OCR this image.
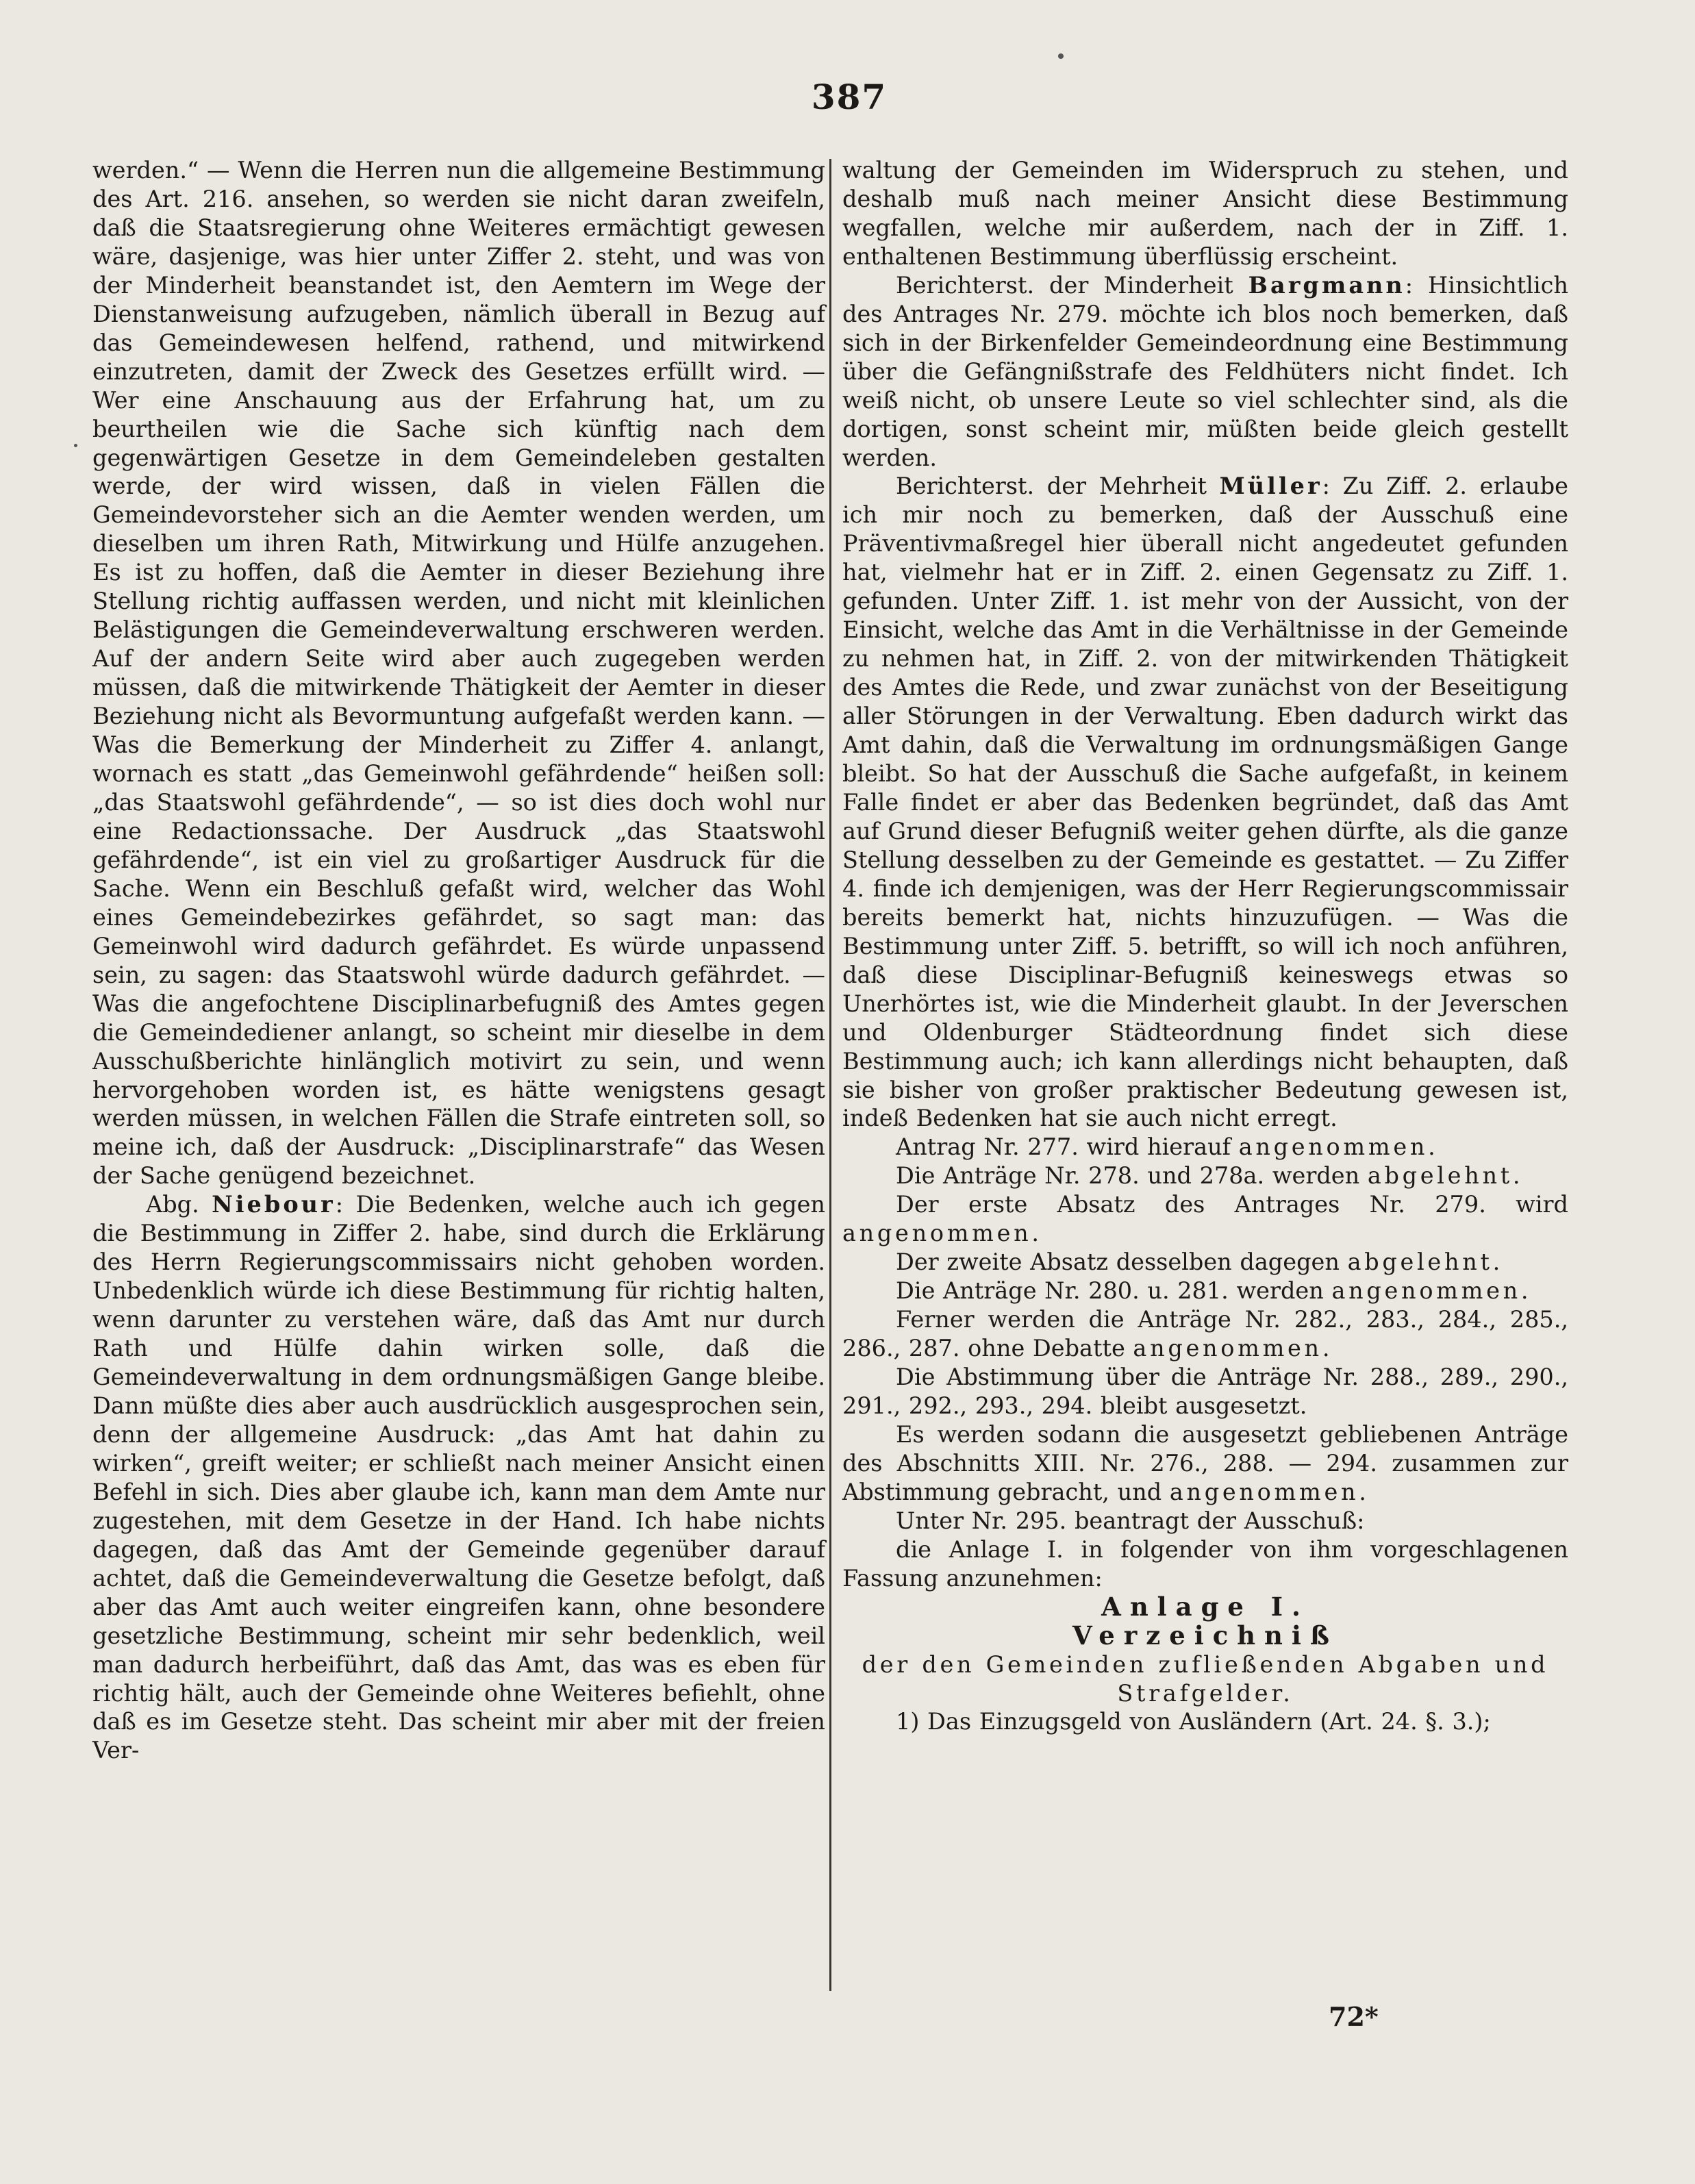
387

werden.“ — Wenn die Herren nun die allgemeine Bestimmung des Art. 216. ansehen, so werden sie nicht daran zweifeln, daß die Staatsregierung ohne Weiteres ermächtigt gewesen wäre, dasjenige, was hier unter Ziffer 2. steht, und was von der Minderheit beanstandet ist, den Aemtern im Wege der Dienstanweisung aufzugeben, nämlich überall in Bezug auf das Gemeindewesen helfend, rathend, und mitwirkend einzutreten, damit der Zweck des Gesetzes erfüllt wird. — Wer eine Anschauung aus der Erfahrung hat, um zu beurtheilen wie die Sache sich künftig nach dem gegenwärtigen Gesetze in dem Gemeindeleben gestalten werde, der wird wissen, daß in vielen Fällen die Gemeindevorsteher sich an die Aemter wenden werden, um dieselben um ihren Rath, Mitwirkung und Hülfe anzugehen. Es ist zu hoffen, daß die Aemter in dieser Beziehung ihre Stellung richtig auffassen werden, und nicht mit kleinlichen Belästigungen die Gemeindeverwaltung erschweren werden. Auf der andern Seite wird aber auch zugegeben werden müssen, daß die mitwirkende Thätigkeit der Aemter in dieser Beziehung nicht als Bevormuntung aufgefaßt werden kann. — Was die Bemerkung der Minderheit zu Ziffer 4. anlangt, wornach es statt „das Gemeinwohl gefährdende“ heißen soll: „das Staatswohl gefährdende“, — so ist dies doch wohl nur eine Redactionssache. Der Ausdruck „das Staatswohl gefährdende“, ist ein viel zu großartiger Ausdruck für die Sache. Wenn ein Beschluß gefaßt wird, welcher das Wohl eines Gemeindebezirkes gefährdet, so sagt man: das Gemeinwohl wird dadurch gefährdet. Es würde unpassend sein, zu sagen: das Staatswohl würde dadurch gefährdet. — Was die angefochtene Disciplinarbefugniß des Amtes gegen die Gemeindediener anlangt, so scheint mir dieselbe in dem Ausschußberichte hinlänglich motivirt zu sein, und wenn hervorgehoben worden ist, es hätte wenigstens gesagt werden müssen, in welchen Fällen die Strafe eintreten soll, so meine ich, daß der Ausdruck: „Disciplinarstrafe“ das Wesen der Sache genügend bezeichnet.

Abg. Niebour: Die Bedenken, welche auch ich gegen die Bestimmung in Ziffer 2. habe, sind durch die Erklärung des Herrn Regierungscommissairs nicht gehoben worden. Unbedenklich würde ich diese Bestimmung für richtig halten, wenn darunter zu verstehen wäre, daß das Amt nur durch Rath und Hülfe dahin wirken solle, daß die Gemeindeverwaltung in dem ordnungsmäßigen Gange bleibe. Dann müßte dies aber auch ausdrücklich ausgesprochen sein, denn der allgemeine Ausdruck: „das Amt hat dahin zu wirken“, greift weiter; er schließt nach meiner Ansicht einen Befehl in sich. Dies aber glaube ich, kann man dem Amte nur zugestehen, mit dem Gesetze in der Hand. Ich habe nichts dagegen, daß das Amt der Gemeinde gegenüber darauf achtet, daß die Gemeindeverwaltung die Gesetze befolgt, daß aber das Amt auch weiter eingreifen kann, ohne besondere gesetzliche Bestimmung, scheint mir sehr bedenklich, weil man dadurch herbeiführt, daß das Amt, das was es eben für richtig hält, auch der Gemeinde ohne Weiteres befiehlt, ohne daß es im Gesetze steht. Das scheint mir aber mit der freien Ver-

waltung der Gemeinden im Widerspruch zu stehen, und deshalb muß nach meiner Ansicht diese Bestimmung wegfallen, welche mir außerdem, nach der in Ziff. 1. enthaltenen Bestimmung überflüssig erscheint.

Berichterst. der Minderheit Bargmann: Hinsichtlich des Antrages Nr. 279. möchte ich blos noch bemerken, daß sich in der Birkenfelder Gemeindeordnung eine Bestimmung über die Gefängnißstrafe des Feldhüters nicht findet. Ich weiß nicht, ob unsere Leute so viel schlechter sind, als die dortigen, sonst scheint mir, müßten beide gleich gestellt werden.

Berichterst. der Mehrheit Müller: Zu Ziff. 2. erlaube ich mir noch zu bemerken, daß der Ausschuß eine Präventivmaßregel hier überall nicht angedeutet gefunden hat, vielmehr hat er in Ziff. 2. einen Gegensatz zu Ziff. 1. gefunden. Unter Ziff. 1. ist mehr von der Aussicht, von der Einsicht, welche das Amt in die Verhältnisse in der Gemeinde zu nehmen hat, in Ziff. 2. von der mitwirkenden Thätigkeit des Amtes die Rede, und zwar zunächst von der Beseitigung aller Störungen in der Verwaltung. Eben dadurch wirkt das Amt dahin, daß die Verwaltung im ordnungsmäßigen Gange bleibt. So hat der Ausschuß die Sache aufgefaßt, in keinem Falle findet er aber das Bedenken begründet, daß das Amt auf Grund dieser Befugniß weiter gehen dürfte, als die ganze Stellung desselben zu der Gemeinde es gestattet. — Zu Ziffer 4. finde ich demjenigen, was der Herr Regierungscommissair bereits bemerkt hat, nichts hinzuzufügen. — Was die Bestimmung unter Ziff. 5. betrifft, so will ich noch anführen, daß diese Disciplinar-Befugniß keineswegs etwas so Unerhörtes ist, wie die Minderheit glaubt. In der Jeverschen und Oldenburger Städteordnung findet sich diese Bestimmung auch; ich kann allerdings nicht behaupten, daß sie bisher von großer praktischer Bedeutung gewesen ist, indeß Bedenken hat sie auch nicht erregt.

Antrag Nr. 277. wird hierauf angenommen.

Die Anträge Nr. 278. und 278a. werden abgelehnt.

Der erste Absatz des Antrages Nr. 279. wird angenommen.

Der zweite Absatz desselben dagegen abgelehnt.

Die Anträge Nr. 280. u. 281. werden angenommen.

Ferner werden die Anträge Nr. 282., 283., 284., 285., 286., 287. ohne Debatte angenommen.

Die Abstimmung über die Anträge Nr. 288., 289., 290., 291., 292., 293., 294. bleibt ausgesetzt.

Es werden sodann die ausgesetzt gebliebenen Anträge des Abschnitts XIII. Nr. 276., 288. — 294. zusammen zur Abstimmung gebracht, und angenommen.

Unter Nr. 295. beantragt der Ausschuß:

die Anlage I. in folgender von ihm vorgeschlagenen Fassung anzunehmen:

Anlage I.

Verzeichniß

der den Gemeinden zufließenden Abgaben und Strafgelder.

1) Das Einzugsgeld von Ausländern (Art. 24. §. 3.);

72*
